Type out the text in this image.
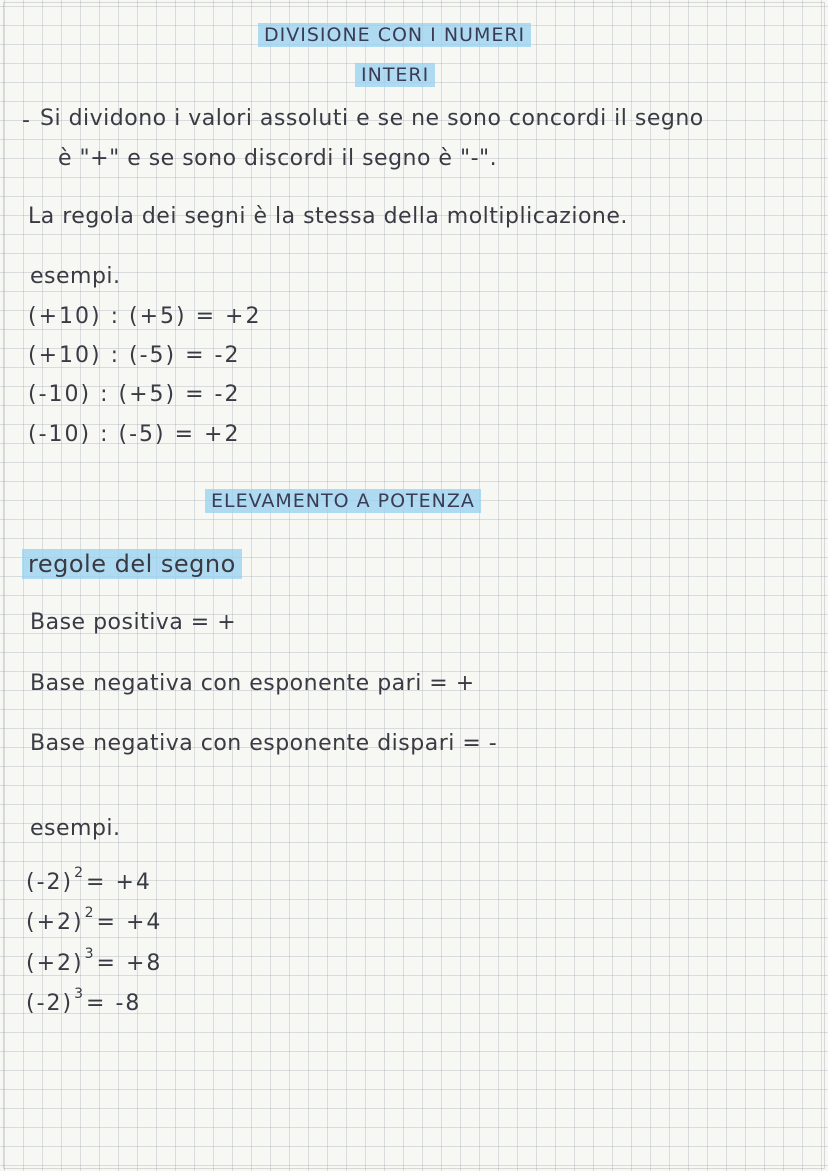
DIVISIONE CON I NUMERI
INTERI
- Si dividono i valori assoluti e se ne sono concordi il segno
è "+" e se sono discordi il segno è "-".
La regola dei segni è la stessa della moltiplicazione.
esempi.
(+10) : (+5) = +2
(+10) : (-5) = -2
(-10) : (+5) = -2
(-10) : (-5) = +2
ELEVAMENTO A POTENZA
regole del segno
Base positiva = +
Base negativa con esponente pari = +
Base negativa con esponente dispari = -
esempi.
$(-2)^2= +4$
$(+2)^2= +4$
$(+2)^3= +8$
$(-2)^3= -8$
